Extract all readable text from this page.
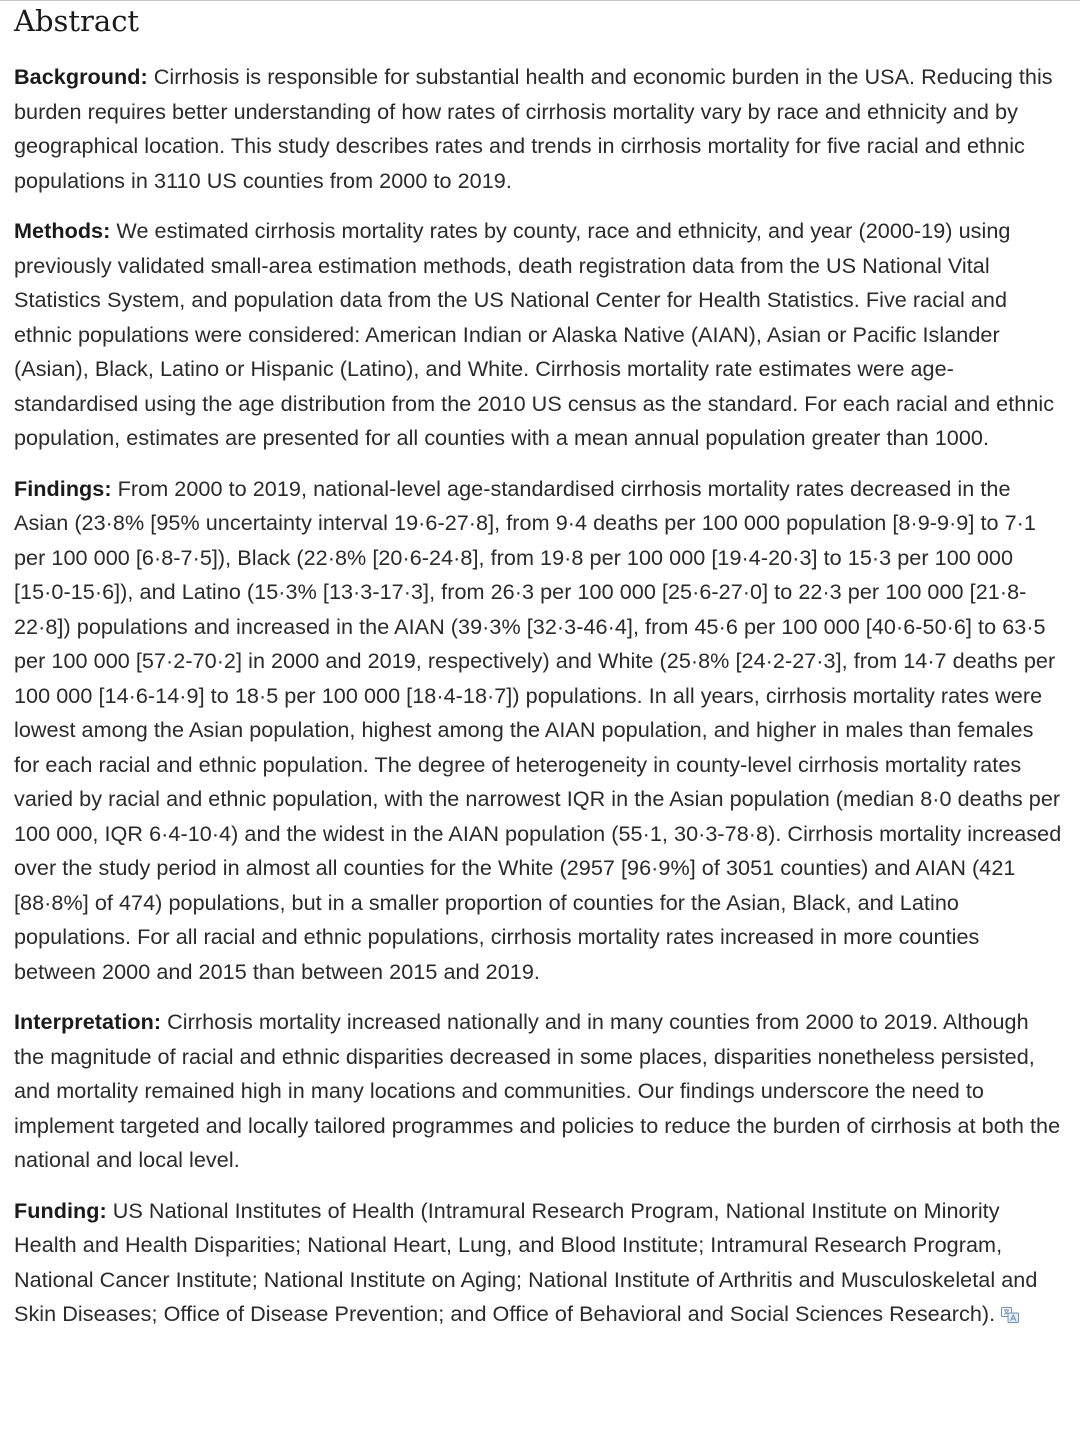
Abstract

Background: Cirrhosis is responsible for substantial health and economic burden in the USA. Reducing this burden requires better understanding of how rates of cirrhosis mortality vary by race and ethnicity and by geographical location. This study describes rates and trends in cirrhosis mortality for five racial and ethnic populations in 3110 US counties from 2000 to 2019.

Methods: We estimated cirrhosis mortality rates by county, race and ethnicity, and year (2000-19) using previously validated small-area estimation methods, death registration data from the US National Vital Statistics System, and population data from the US National Center for Health Statistics. Five racial and ethnic populations were considered: American Indian or Alaska Native (AIAN), Asian or Pacific Islander (Asian), Black, Latino or Hispanic (Latino), and White. Cirrhosis mortality rate estimates were age-standardised using the age distribution from the 2010 US census as the standard. For each racial and ethnic population, estimates are presented for all counties with a mean annual population greater than 1000.

Findings: From 2000 to 2019, national-level age-standardised cirrhosis mortality rates decreased in the Asian (23·8% [95% uncertainty interval 19·6-27·8], from 9·4 deaths per 100 000 population [8·9-9·9] to 7·1 per 100 000 [6·8-7·5]), Black (22·8% [20·6-24·8], from 19·8 per 100 000 [19·4-20·3] to 15·3 per 100 000 [15·0-15·6]), and Latino (15·3% [13·3-17·3], from 26·3 per 100 000 [25·6-27·0] to 22·3 per 100 000 [21·8-22·8]) populations and increased in the AIAN (39·3% [32·3-46·4], from 45·6 per 100 000 [40·6-50·6] to 63·5 per 100 000 [57·2-70·2] in 2000 and 2019, respectively) and White (25·8% [24·2-27·3], from 14·7 deaths per 100 000 [14·6-14·9] to 18·5 per 100 000 [18·4-18·7]) populations. In all years, cirrhosis mortality rates were lowest among the Asian population, highest among the AIAN population, and higher in males than females for each racial and ethnic population. The degree of heterogeneity in county-level cirrhosis mortality rates varied by racial and ethnic population, with the narrowest IQR in the Asian population (median 8·0 deaths per 100 000, IQR 6·4-10·4) and the widest in the AIAN population (55·1, 30·3-78·8). Cirrhosis mortality increased over the study period in almost all counties for the White (2957 [96·9%] of 3051 counties) and AIAN (421 [88·8%] of 474) populations, but in a smaller proportion of counties for the Asian, Black, and Latino populations. For all racial and ethnic populations, cirrhosis mortality rates increased in more counties between 2000 and 2015 than between 2015 and 2019.

Interpretation: Cirrhosis mortality increased nationally and in many counties from 2000 to 2019. Although the magnitude of racial and ethnic disparities decreased in some places, disparities nonetheless persisted, and mortality remained high in many locations and communities. Our findings underscore the need to implement targeted and locally tailored programmes and policies to reduce the burden of cirrhosis at both the national and local level.

Funding: US National Institutes of Health (Intramural Research Program, National Institute on Minority Health and Health Disparities; National Heart, Lung, and Blood Institute; Intramural Research Program, National Cancer Institute; National Institute on Aging; National Institute of Arthritis and Musculoskeletal and Skin Diseases; Office of Disease Prevention; and Office of Behavioral and Social Sciences Research).
